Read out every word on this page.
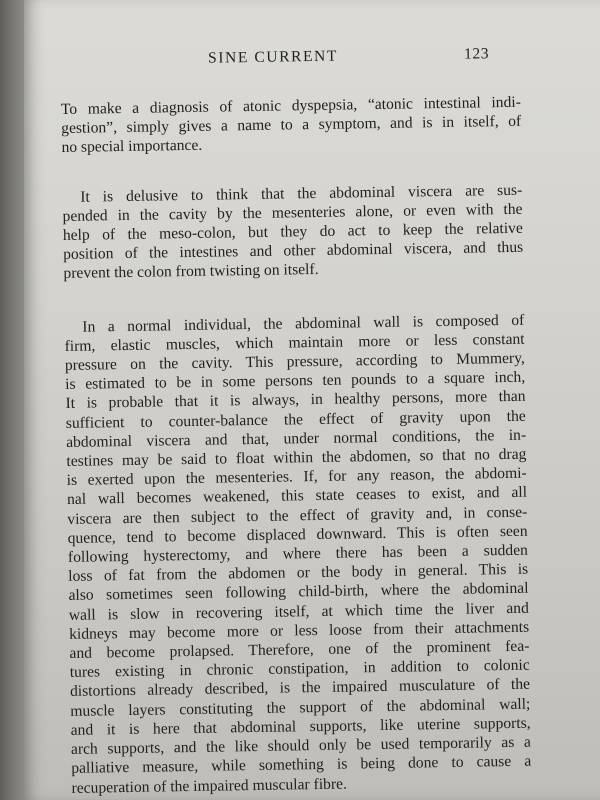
SINE CURRENT	123

To make a diagnosis of atonic dyspepsia, “atonic intestinal indi-
gestion”, simply gives a name to a symptom, and is in itself, of
no special importance.

It is delusive to think that the abdominal viscera are sus-
pended in the cavity by the mesenteries alone, or even with the
help of the meso-colon, but they do act to keep the relative
position of the intestines and other abdominal viscera, and thus
prevent the colon from twisting on itself.

In a normal individual, the abdominal wall is composed of
firm, elastic muscles, which maintain more or less constant
pressure on the cavity. This pressure, according to Mummery,
is estimated to be in some persons ten pounds to a square inch,
It is probable that it is always, in healthy persons, more than
sufficient to counter-balance the effect of gravity upon the
abdominal viscera and that, under normal conditions, the in-
testines may be said to float within the abdomen, so that no drag
is exerted upon the mesenteries. If, for any reason, the abdomi-
nal wall becomes weakened, this state ceases to exist, and all
viscera are then subject to the effect of gravity and, in conse-
quence, tend to become displaced downward. This is often seen
following hysterectomy, and where there has been a sudden
loss of fat from the abdomen or the body in general. This is
also sometimes seen following child-birth, where the abdominal
wall is slow in recovering itself, at which time the liver and
kidneys may become more or less loose from their attachments
and become prolapsed. Therefore, one of the prominent fea-
tures existing in chronic constipation, in addition to colonic
distortions already described, is the impaired musculature of the
muscle layers constituting the support of the abdominal wall;
and it is here that abdominal supports, like uterine supports,
arch supports, and the like should only be used temporarily as a
palliative measure, while something is being done to cause a
recuperation of the impaired muscular fibre.
